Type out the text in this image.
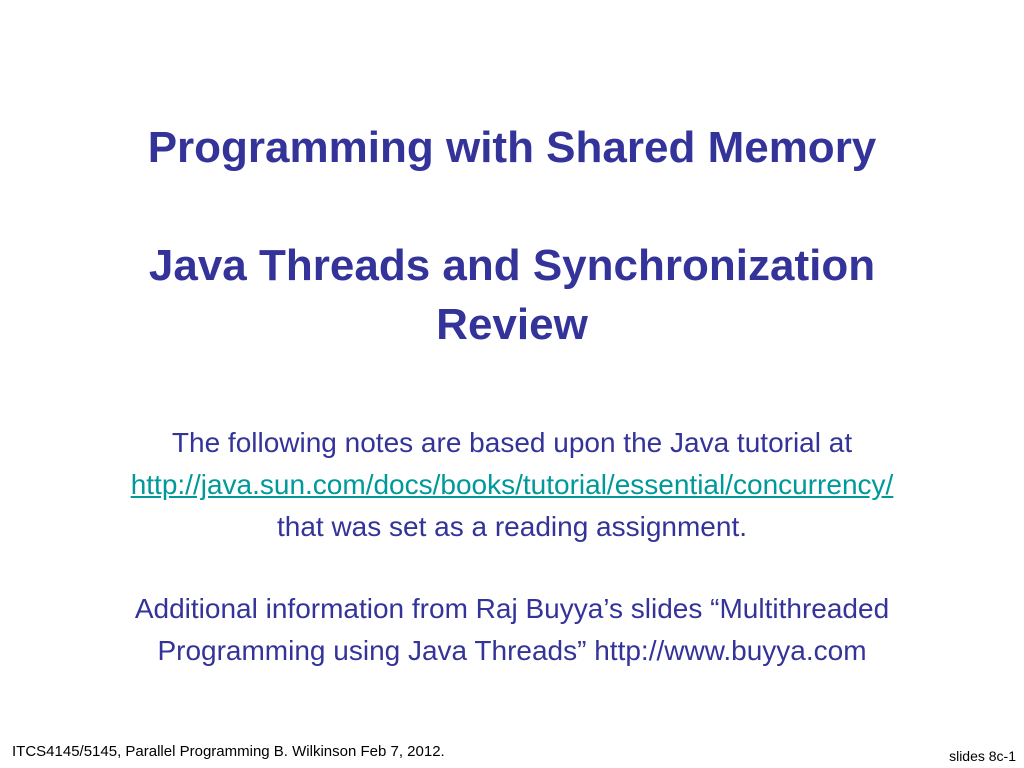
Programming with Shared Memory
Java Threads and Synchronization
Review
The following notes are based upon the Java tutorial at
http://java.sun.com/docs/books/tutorial/essential/concurrency/
that was set as a reading assignment.
Additional information from Raj Buyya’s slides “Multithreaded
Programming using Java Threads” http://www.buyya.com
ITCS4145/5145, Parallel Programming B. Wilkinson Feb 7, 2012.	slides 8c-1
